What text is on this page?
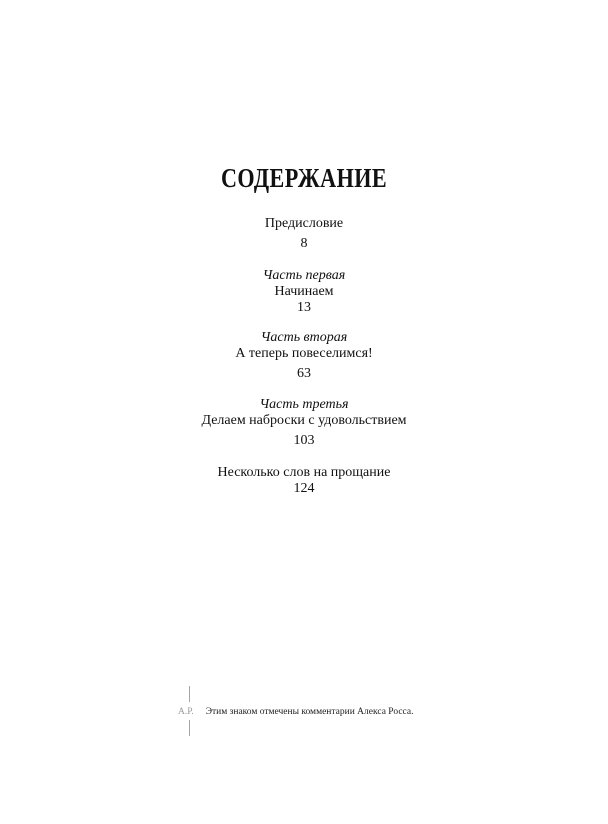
СОДЕРЖАНИЕ
Предисловие
8
Часть первая
Начинаем
13
Часть вторая
А теперь повеселимся!
63
Часть третья
Делаем наброски с удовольствием
103
Несколько слов на прощание
124
А.Р. Этим знаком отмечены комментарии Алекса Росса.
